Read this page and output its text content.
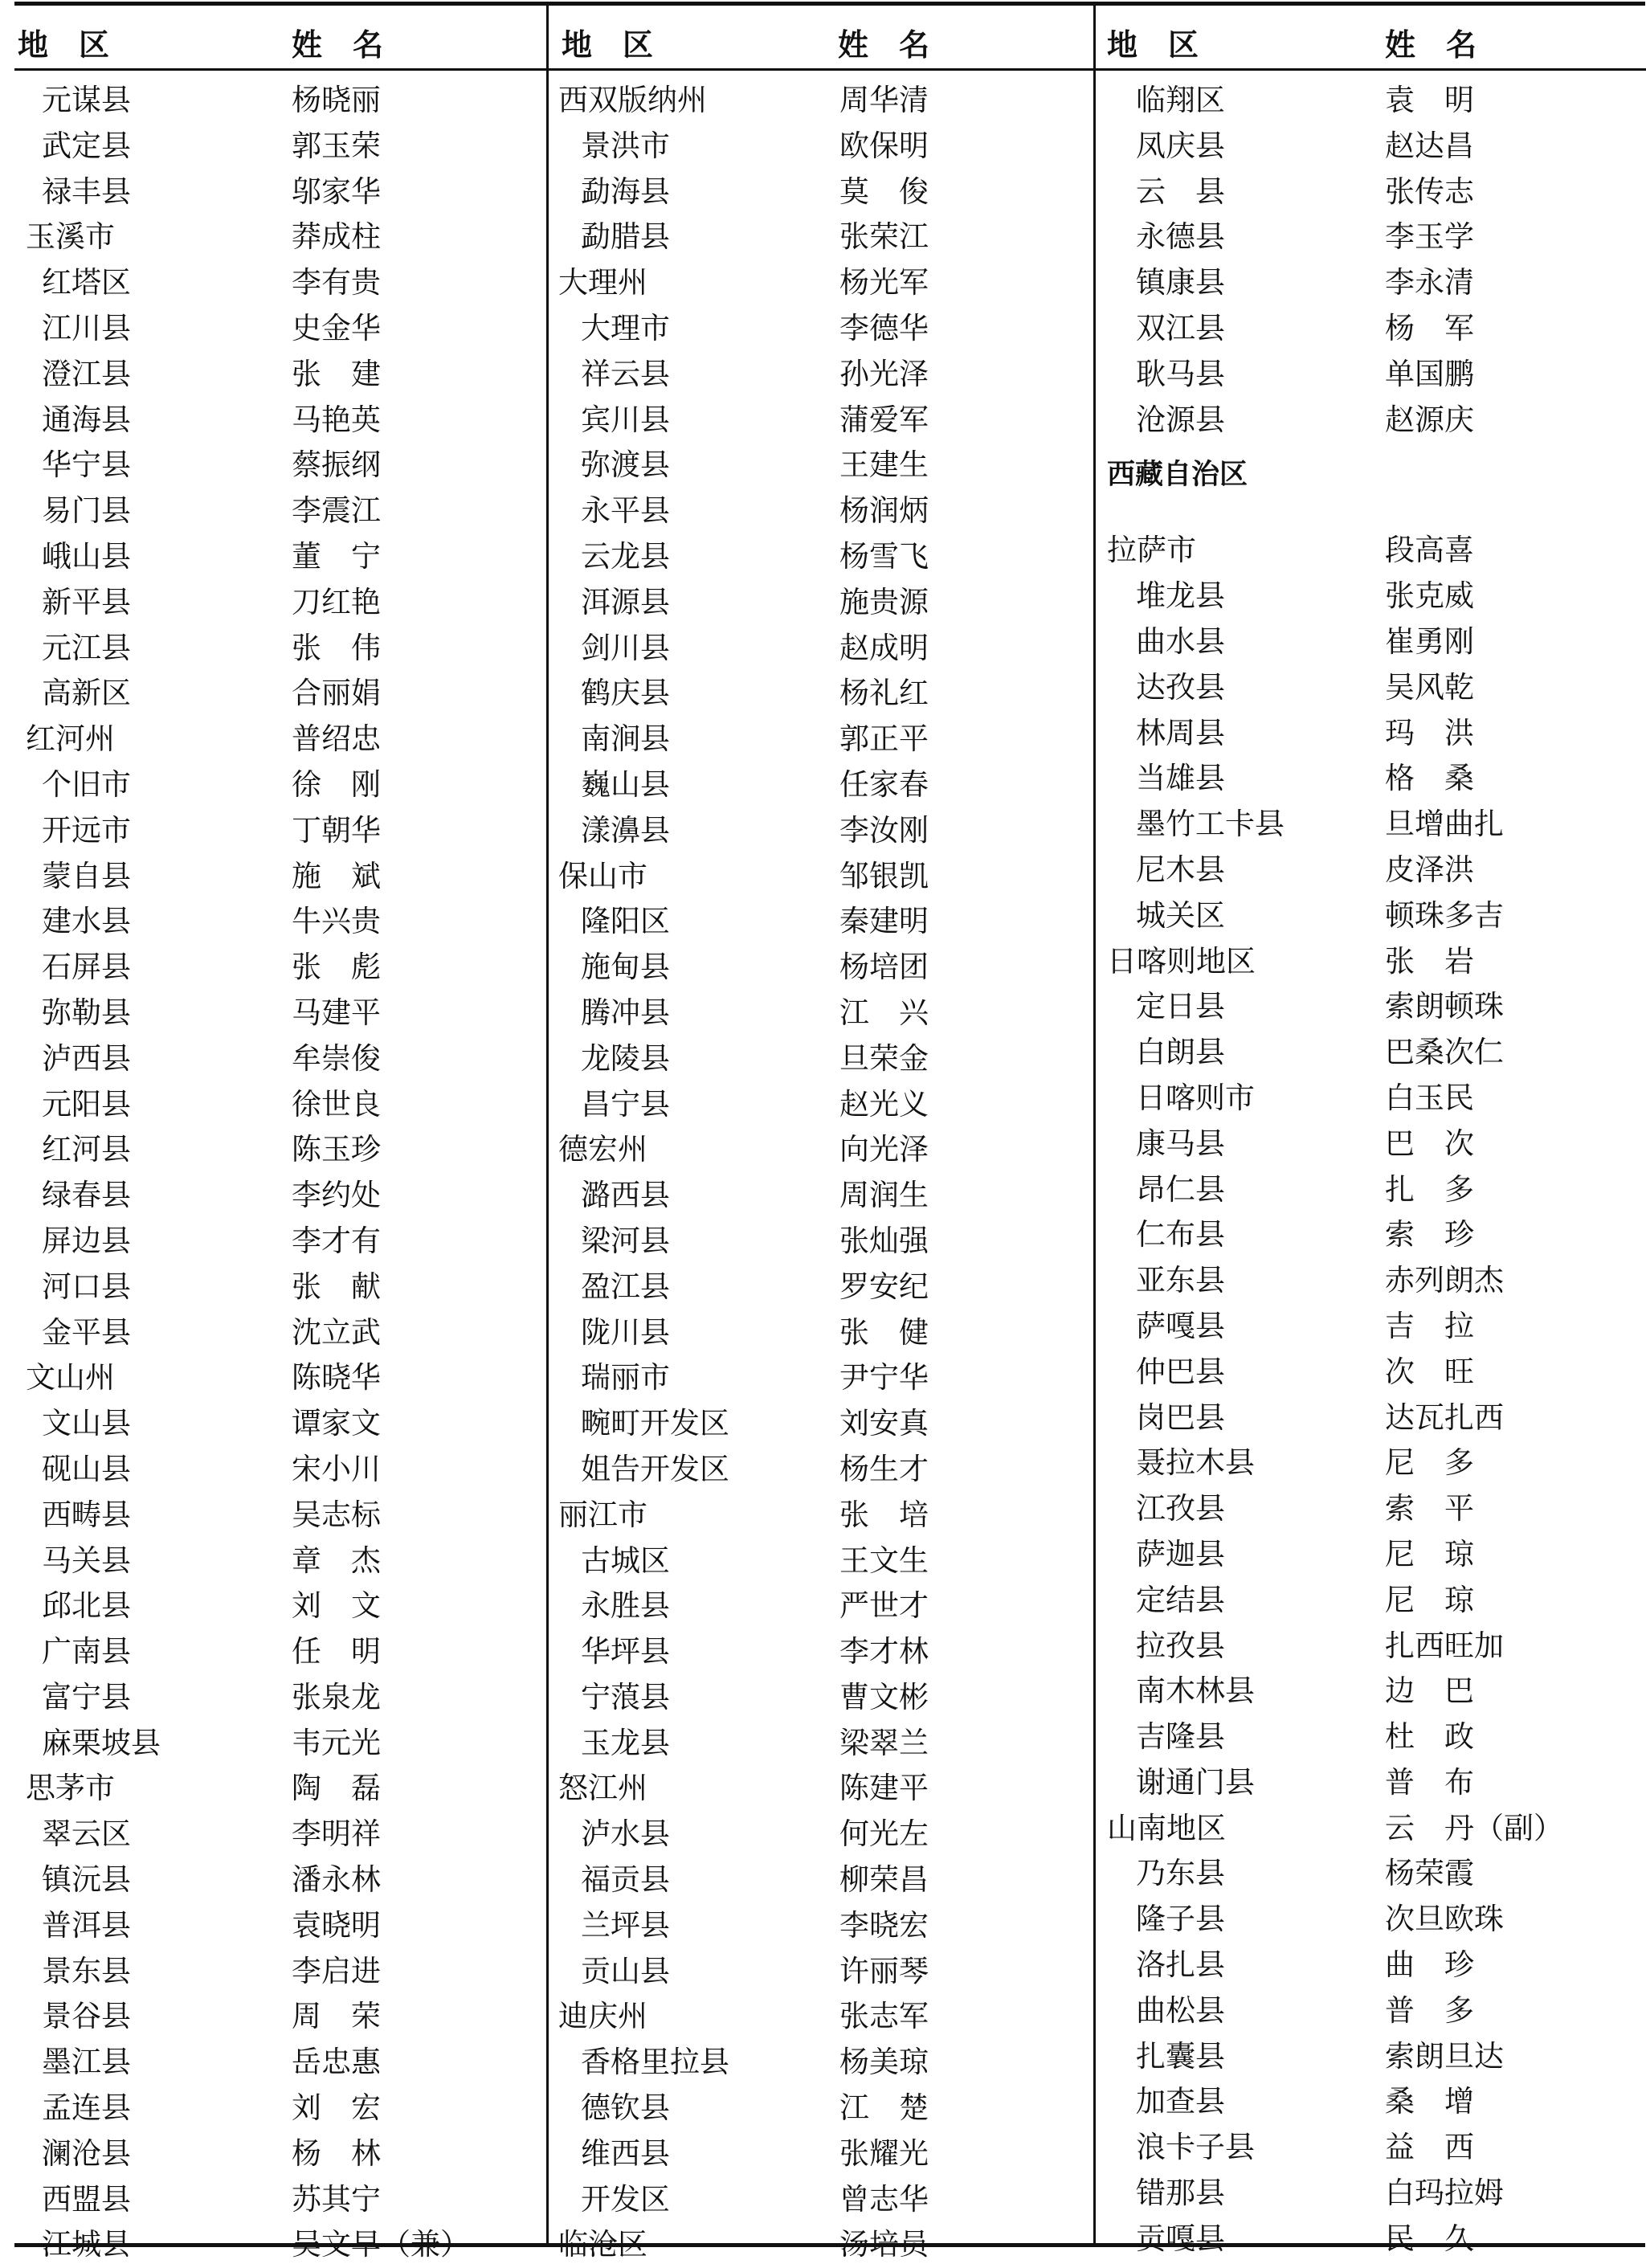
地　区	姓　名
元谋县	杨晓丽
武定县	郭玉荣
禄丰县	邬家华
玉溪市	莽成柱
红塔区	李有贵
江川县	史金华
澄江县	张　建
通海县	马艳英
华宁县	蔡振纲
易门县	李震江
峨山县	董　宁
新平县	刀红艳
元江县	张　伟
高新区	合丽娟
红河州	普绍忠
个旧市	徐　刚
开远市	丁朝华
蒙自县	施　斌
建水县	牛兴贵
石屏县	张　彪
弥勒县	马建平
泸西县	牟崇俊
元阳县	徐世良
红河县	陈玉珍
绿春县	李约处
屏边县	李才有
河口县	张　献
金平县	沈立武
文山州	陈晓华
文山县	谭家文
砚山县	宋小川
西畴县	吴志标
马关县	章　杰
邱北县	刘　文
广南县	任　明
富宁县	张泉龙
麻栗坡县	韦元光
思茅市	陶　磊
翠云区	李明祥
镇沅县	潘永林
普洱县	袁晓明
景东县	李启进
景谷县	周　荣
墨江县	岳忠惠
孟连县	刘　宏
澜沧县	杨　林
西盟县	苏其宁
江城县	吴文早（兼）
地　区	姓　名
西双版纳州	周华清
景洪市	欧保明
勐海县	莫　俊
勐腊县	张荣江
大理州	杨光军
大理市	李德华
祥云县	孙光泽
宾川县	蒲爱军
弥渡县	王建生
永平县	杨润炳
云龙县	杨雪飞
洱源县	施贵源
剑川县	赵成明
鹤庆县	杨礼红
南涧县	郭正平
巍山县	任家春
漾濞县	李汝刚
保山市	邹银凯
隆阳区	秦建明
施甸县	杨培团
腾冲县	江　兴
龙陵县	旦荣金
昌宁县	赵光义
德宏州	向光泽
潞西县	周润生
梁河县	张灿强
盈江县	罗安纪
陇川县	张　健
瑞丽市	尹宁华
畹町开发区	刘安真
姐告开发区	杨生才
丽江市	张　培
古城区	王文生
永胜县	严世才
华坪县	李才林
宁蒗县	曹文彬
玉龙县	梁翠兰
怒江州	陈建平
泸水县	何光左
福贡县	柳荣昌
兰坪县	李晓宏
贡山县	许丽琴
迪庆州	张志军
香格里拉县	杨美琼
德钦县	江　楚
维西县	张耀光
开发区	曾志华
临沧区	汤培员
地　区	姓　名
临翔区	袁　明
凤庆县	赵达昌
云　县	张传志
永德县	李玉学
镇康县	李永清
双江县	杨　军
耿马县	单国鹏
沧源县	赵源庆
西藏自治区
拉萨市	段高喜
堆龙县	张克威
曲水县	崔勇刚
达孜县	吴风乾
林周县	玛　洪
当雄县	格　桑
墨竹工卡县	旦增曲扎
尼木县	皮泽洪
城关区	顿珠多吉
日喀则地区	张　岩
定日县	索朗顿珠
白朗县	巴桑次仁
日喀则市	白玉民
康马县	巴　次
昂仁县	扎　多
仁布县	索　珍
亚东县	赤列朗杰
萨嘎县	吉　拉
仲巴县	次　旺
岗巴县	达瓦扎西
聂拉木县	尼　多
江孜县	索　平
萨迦县	尼　琼
定结县	尼　琼
拉孜县	扎西旺加
南木林县	边　巴
吉隆县	杜　政
谢通门县	普　布
山南地区	云　丹（副）
乃东县	杨荣霞
隆子县	次旦欧珠
洛扎县	曲　珍
曲松县	普　多
扎囊县	索朗旦达
加查县	桑　增
浪卡子县	益　西
错那县	白玛拉姆
贡嘎县	民　久
